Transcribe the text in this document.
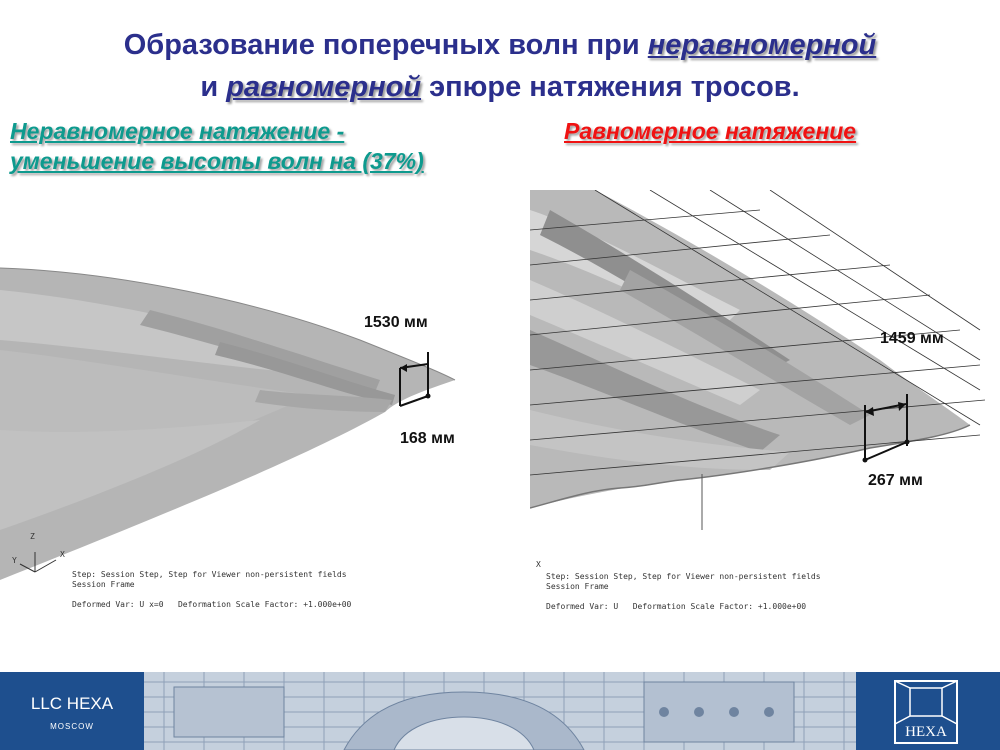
Образование поперечных волн при неравномерной
и равномерной эпюре натяжения тросов.
Неравномерное натяжение -
уменьшение высоты волн на (37%)
Равномерное натяжение
1530 мм
168 мм
Z
Y
X
Step: Session Step, Step for Viewer non-persistent fields
Session Frame

Deformed Var: U x=0   Deformation Scale Factor: +1.000e+00
1459 мм
267 мм
X
Step: Session Step, Step for Viewer non-persistent fields
Session Frame

Deformed Var: U   Deformation Scale Factor: +1.000e+00
LLC HEXA
MOSCOW	HEXA
